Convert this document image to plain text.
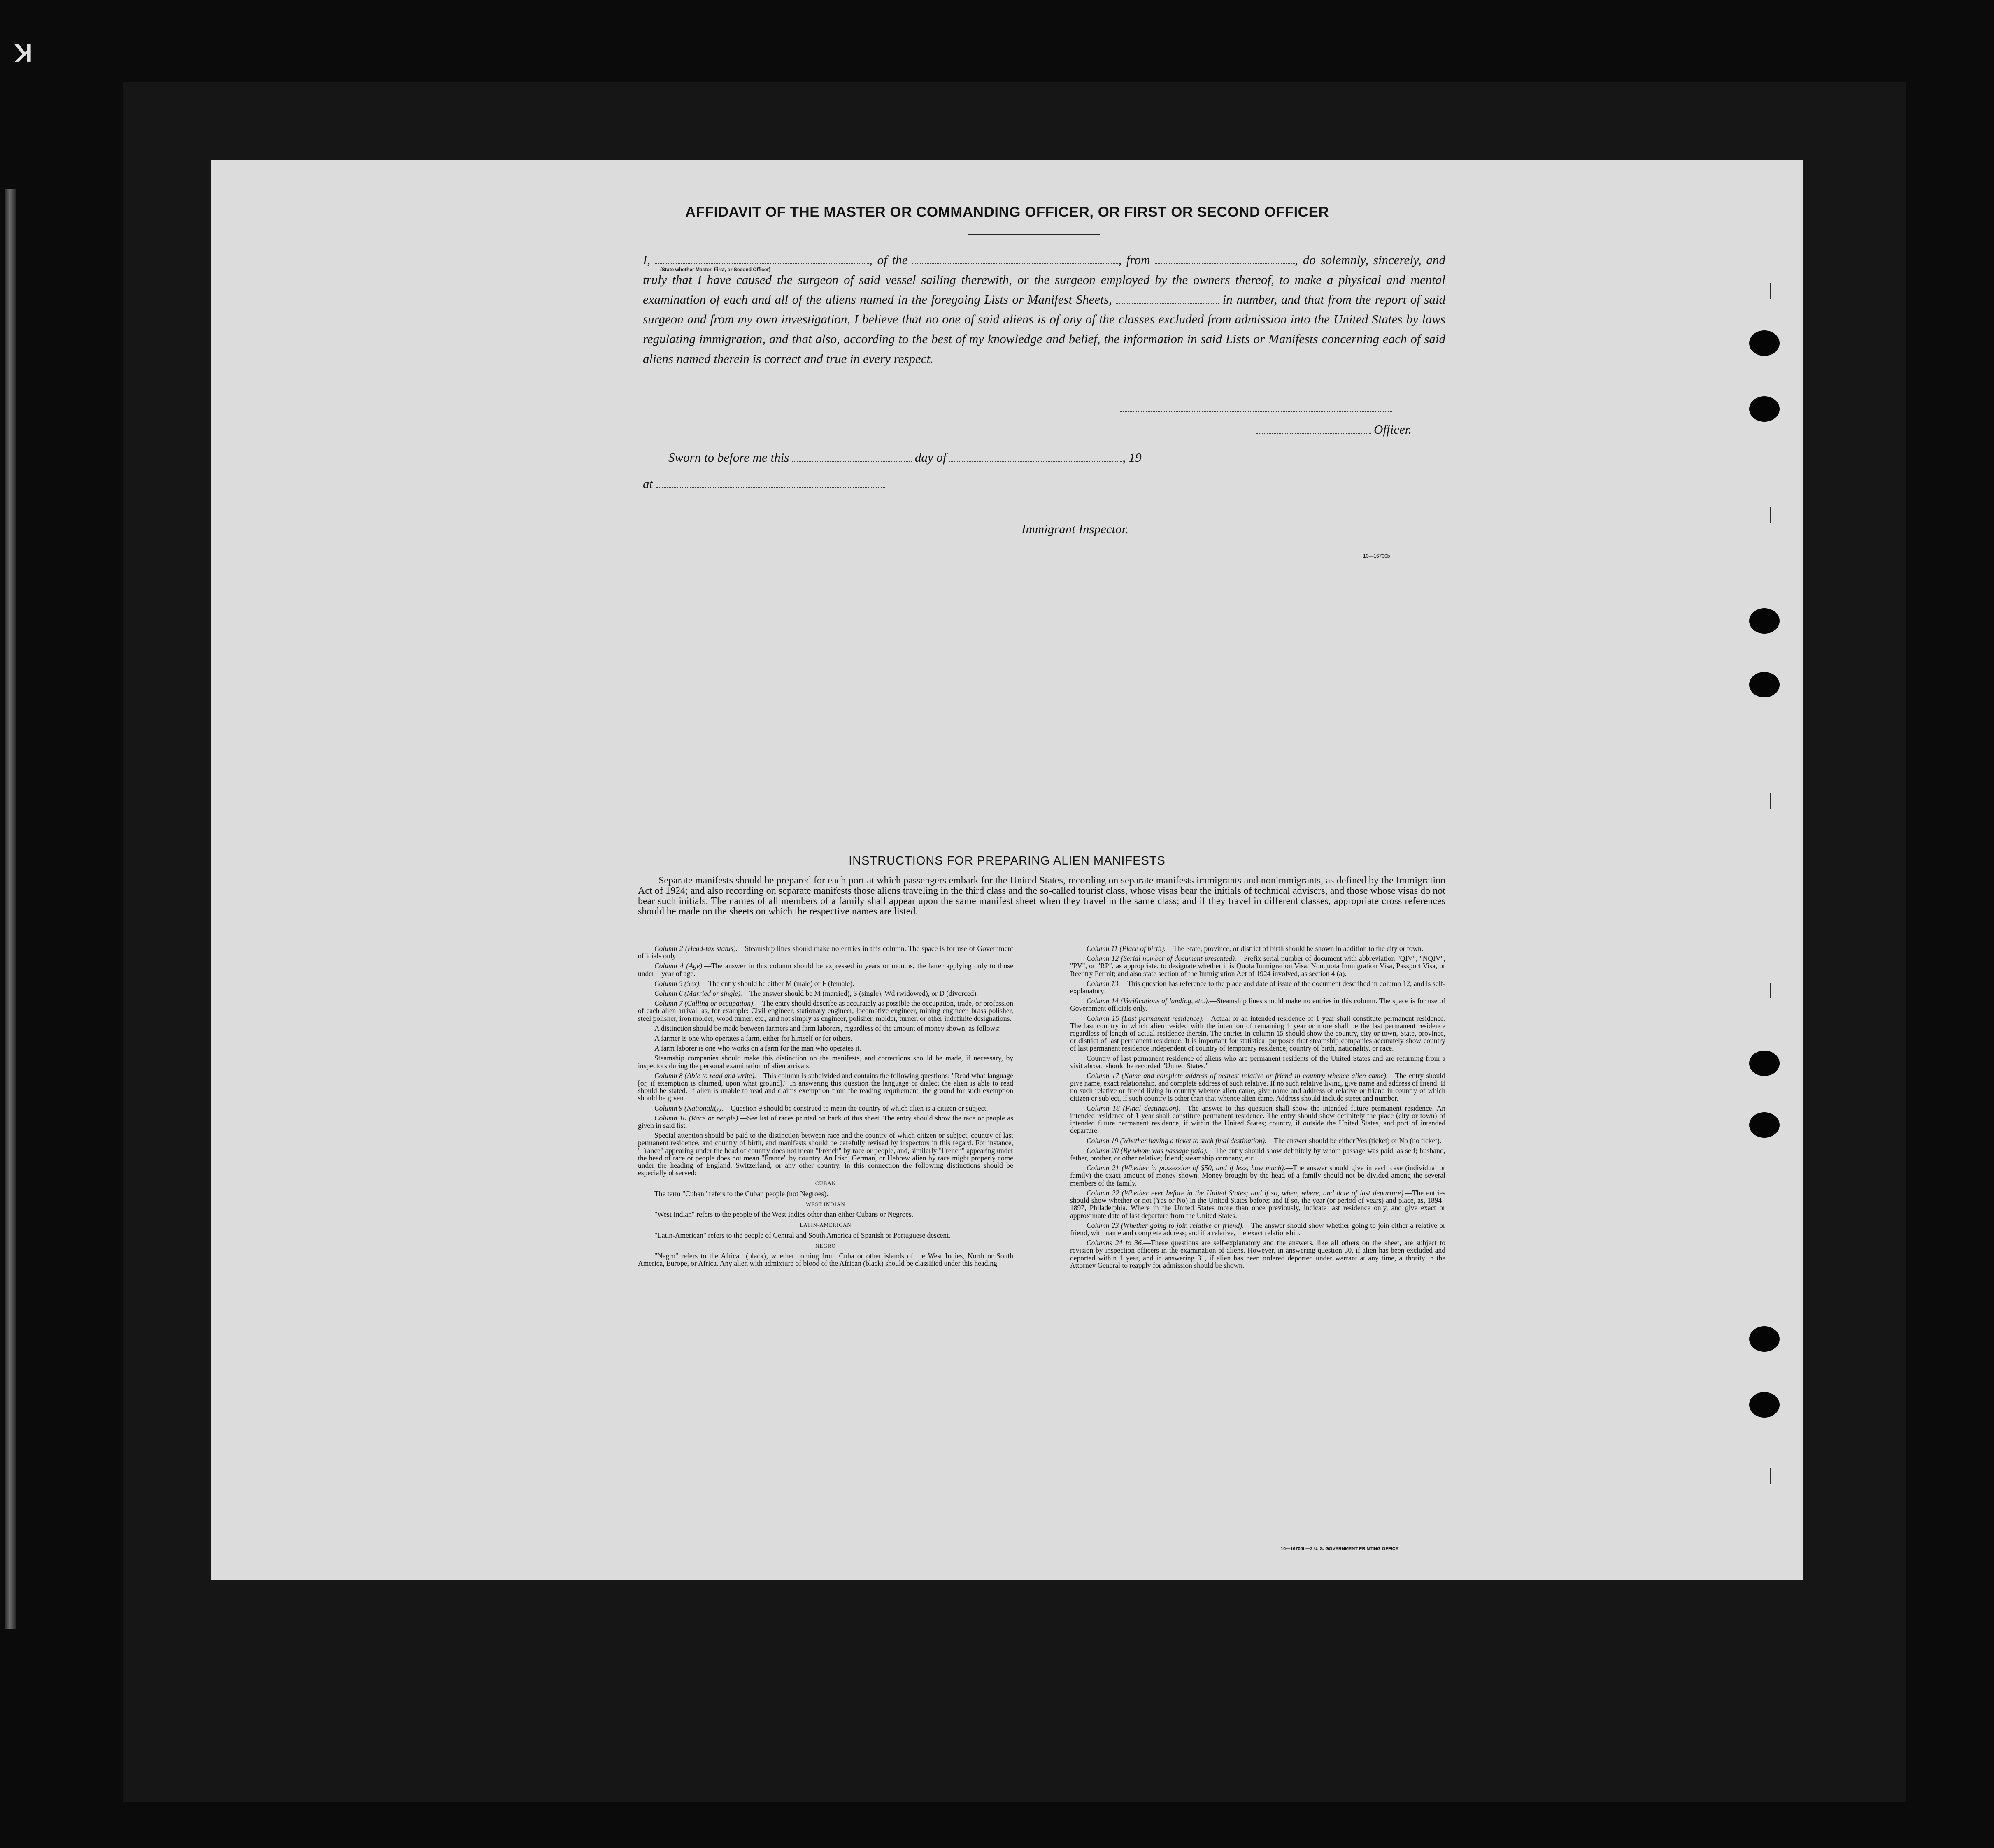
K
AFFIDAVIT OF THE MASTER OR COMMANDING OFFICER, OR FIRST OR SECOND OFFICER
I,	, of the	, from	, do solemnly, sincerely, and truly that I have caused the surgeon of said vessel sailing therewith, or the surgeon employed by the owners thereof, to make a physical and mental examination of each and all of the aliens named in the foregoing Lists or Manifest Sheets,	in number, and that from the report of said surgeon and from my own investigation, I believe that no one of said aliens is of any of the classes excluded from admission into the United States by laws regulating immigration, and that also, according to the best of my knowledge and belief, the information in said Lists or Manifests concerning each of said aliens named therein is correct and true in every respect.
(State whether Master, First, or Second Officer)
Officer.
Sworn to before me this	day of	, 19
at
Immigrant Inspector.
10—16700b
INSTRUCTIONS FOR PREPARING ALIEN MANIFESTS
Separate manifests should be prepared for each port at which passengers embark for the United States, recording on separate manifests immigrants and nonimmigrants, as defined by the Immigration Act of 1924; and also recording on separate manifests those aliens traveling in the third class and the so-called tourist class, whose visas bear the initials of technical advisers, and those whose visas do not bear such initials. The names of all members of a family shall appear upon the same manifest sheet when they travel in the same class; and if they travel in different classes, appropriate cross references should be made on the sheets on which the respective names are listed.

Column 2 (Head-tax status).—Steamship lines should make no entries in this column. The space is for use of Government officials only.

Column 4 (Age).—The answer in this column should be expressed in years or months, the latter applying only to those under 1 year of age.

Column 5 (Sex).—The entry should be either M (male) or F (female).

Column 6 (Married or single).—The answer should be M (married), S (single), Wd (widowed), or D (divorced).

Column 7 (Calling or occupation).—The entry should describe as accurately as possible the occupation, trade, or profession of each alien arrival, as, for example: Civil engineer, stationary engineer, locomotive engineer, mining engineer, brass polisher, steel polisher, iron molder, wood turner, etc., and not simply as engineer, polisher, molder, turner, or other indefinite designations.

A distinction should be made between farmers and farm laborers, regardless of the amount of money shown, as follows:

A farmer is one who operates a farm, either for himself or for others.

A farm laborer is one who works on a farm for the man who operates it.

Steamship companies should make this distinction on the manifests, and corrections should be made, if necessary, by inspectors during the personal examination of alien arrivals.

Column 8 (Able to read and write).—This column is subdivided and contains the following questions: "Read what language [or, if exemption is claimed, upon what ground]." In answering this question the language or dialect the alien is able to read should be stated. If alien is unable to read and claims exemption from the reading requirement, the ground for such exemption should be given.

Column 9 (Nationality).—Question 9 should be construed to mean the country of which alien is a citizen or subject.

Column 10 (Race or people).—See list of races printed on back of this sheet. The entry should show the race or people as given in said list.

Special attention should be paid to the distinction between race and the country of which citizen or subject, country of last permanent residence, and country of birth, and manifests should be carefully revised by inspectors in this regard. For instance, "France" appearing under the head of country does not mean "French" by race or people, and, similarly "French" appearing under the head of race or people does not mean "France" by country. An Irish, German, or Hebrew alien by race might properly come under the heading of England, Switzerland, or any other country. In this connection the following distinctions should be especially observed:

CUBAN

The term "Cuban" refers to the Cuban people (not Negroes).

WEST INDIAN

"West Indian" refers to the people of the West Indies other than either Cubans or Negroes.

LATIN-AMERICAN

"Latin-American" refers to the people of Central and South America of Spanish or Portuguese descent.

NEGRO

"Negro" refers to the African (black), whether coming from Cuba or other islands of the West Indies, North or South America, Europe, or Africa. Any alien with admixture of blood of the African (black) should be classified under this heading.

Column 11 (Place of birth).—The State, province, or district of birth should be shown in addition to the city or town.

Column 12 (Serial number of document presented).—Prefix serial number of document with abbreviation "QIV", "NQIV", "PV", or "RP", as appropriate, to designate whether it is Quota Immigration Visa, Nonquota Immigration Visa, Passport Visa, or Reentry Permit; and also state section of the Immigration Act of 1924 involved, as section 4 (a).

Column 13.—This question has reference to the place and date of issue of the document described in column 12, and is self-explanatory.

Column 14 (Verifications of landing, etc.).—Steamship lines should make no entries in this column. The space is for use of Government officials only.

Column 15 (Last permanent residence).—Actual or an intended residence of 1 year shall constitute permanent residence. The last country in which alien resided with the intention of remaining 1 year or more shall be the last permanent residence regardless of length of actual residence therein. The entries in column 15 should show the country, city or town, State, province, or district of last permanent residence. It is important for statistical purposes that steamship companies accurately show country of last permanent residence independent of country of temporary residence, country of birth, nationality, or race.

Country of last permanent residence of aliens who are permanent residents of the United States and are returning from a visit abroad should be recorded "United States."

Column 17 (Name and complete address of nearest relative or friend in country whence alien came).—The entry should give name, exact relationship, and complete address of such relative. If no such relative living, give name and address of friend. If no such relative or friend living in country whence alien came, give name and address of relative or friend in country of which citizen or subject, if such country is other than that whence alien came. Address should include street and number.

Column 18 (Final destination).—The answer to this question shall show the intended future permanent residence. An intended residence of 1 year shall constitute permanent residence. The entry should show definitely the place (city or town) of intended future permanent residence, if within the United States; country, if outside the United States, and port of intended departure.

Column 19 (Whether having a ticket to such final destination).—The answer should be either Yes (ticket) or No (no ticket).

Column 20 (By whom was passage paid).—The entry should show definitely by whom passage was paid, as self; husband, father, brother, or other relative; friend; steamship company, etc.

Column 21 (Whether in possession of $50, and if less, how much).—The answer should give in each case (individual or family) the exact amount of money shown. Money brought by the head of a family should not be divided among the several members of the family.

Column 22 (Whether ever before in the United States; and if so, when, where, and date of last departure).—The entries should show whether or not (Yes or No) in the United States before; and if so, the year (or period of years) and place, as, 1894–1897, Philadelphia. Where in the United States more than once previously, indicate last residence only, and give exact or approximate date of last departure from the United States.

Column 23 (Whether going to join relative or friend).—The answer should show whether going to join either a relative or friend, with name and complete address; and if a relative, the exact relationship.

Columns 24 to 36.—These questions are self-explanatory and the answers, like all others on the sheet, are subject to revision by inspection officers in the examination of aliens. However, in answering question 30, if alien has been excluded and deported within 1 year, and in answering 31, if alien has been ordered deported under warrant at any time, authority in the Attorney General to reapply for admission should be shown.

10—16700b—2 U. S. GOVERNMENT PRINTING OFFICE
